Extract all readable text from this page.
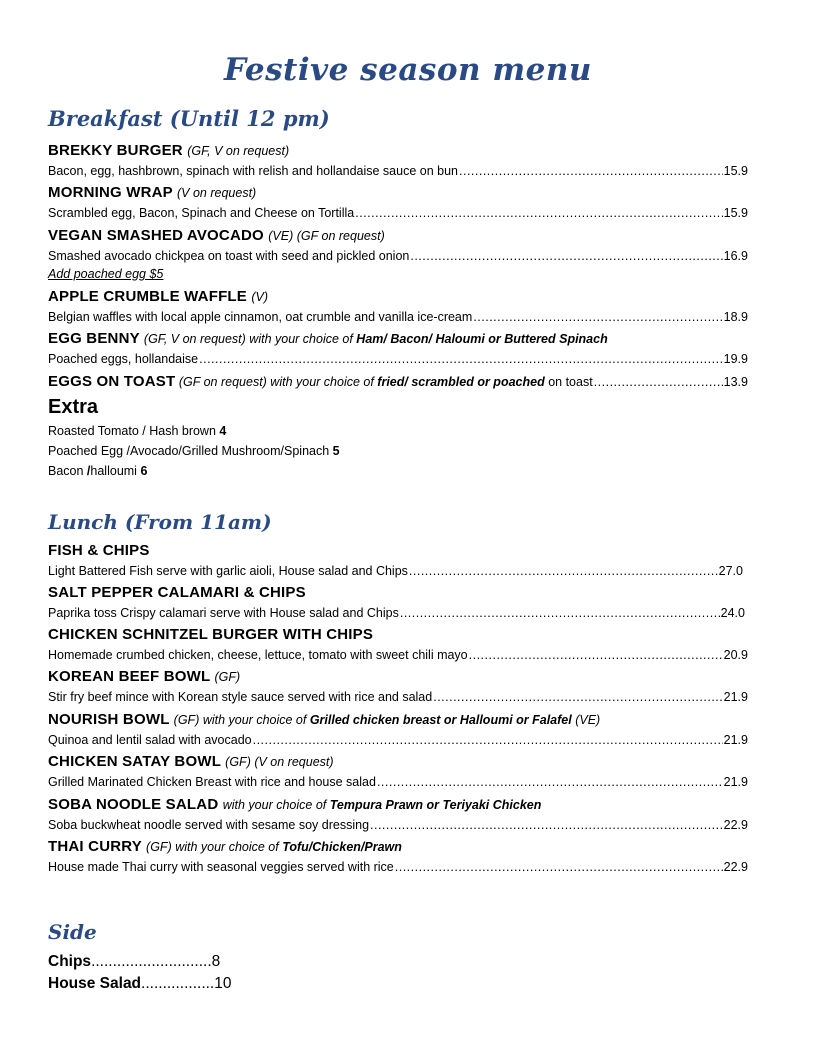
Festive season menu
Breakfast (Until 12 pm)
BREKKY BURGER (GF, V on request)
Bacon, egg, hashbrown, spinach with relish and hollandaise sauce on bun .....	15.9
MORNING WRAP (V on request)
Scrambled egg, Bacon, Spinach and Cheese on Tortilla .....	15.9
VEGAN SMASHED AVOCADO (VE) (GF on request)
Smashed avocado chickpea on toast with seed and pickled onion .....	16.9
Add poached egg $5
APPLE CRUMBLE WAFFLE (V)
Belgian waffles with local apple cinnamon, oat crumble and vanilla ice-cream .....	18.9
EGG BENNY (GF, V on request) with your choice of Ham/ Bacon/ Haloumi or Buttered Spinach
Poached eggs, hollandaise .....	19.9
EGGS ON TOAST (GF on request) with your choice of fried/ scrambled or poached on toast .....	13.9
Extra
Roasted Tomato / Hash brown 4
Poached Egg /Avocado/Grilled Mushroom/Spinach 5
Bacon /halloumi 6
Lunch (From 11am)
FISH & CHIPS
Light Battered Fish serve with garlic aioli, House salad and Chips .....	27.0
SALT PEPPER CALAMARI & CHIPS
Paprika toss Crispy calamari serve with House salad and Chips .....	24.0
CHICKEN SCHNITZEL BURGER WITH CHIPS
Homemade crumbed chicken, cheese, lettuce, tomato with sweet chili mayo .....	20.9
KOREAN BEEF BOWL (GF)
Stir fry beef mince with Korean style sauce served with rice and salad .....	21.9
NOURISH BOWL (GF) with your choice of Grilled chicken breast or Halloumi or Falafel (VE)
Quinoa and lentil salad with avocado .....	21.9
CHICKEN SATAY BOWL (GF) (V on request)
Grilled Marinated Chicken Breast with rice and house salad .....	21.9
SOBA NOODLE SALAD with your choice of Tempura Prawn or Teriyaki Chicken
Soba buckwheat noodle served with sesame soy dressing .....	22.9
THAI CURRY (GF) with your choice of Tofu/Chicken/Prawn
House made Thai curry with seasonal veggies served with rice .....	22.9
Side
Chips ............................ 8
House Salad ................. 10
